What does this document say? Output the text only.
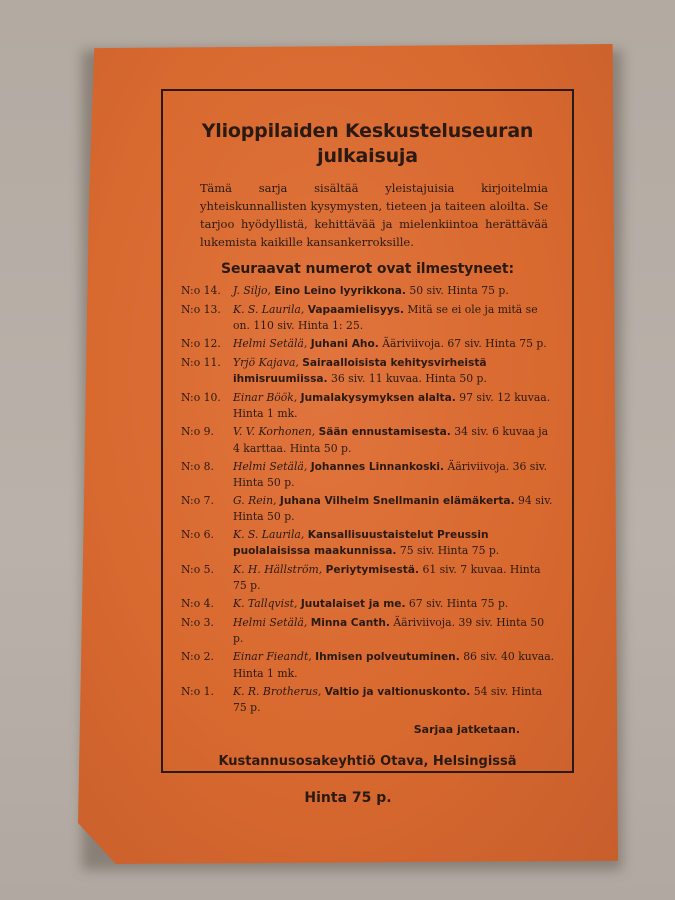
Ylioppilaiden Keskusteluseuran
julkaisuja
Tämä sarja sisältää yleistajuisia kirjoitelmia yhteiskunnallisten kysymysten, tieteen ja taiteen aloilta. Se tarjoo hyödyllistä, kehittävää ja mielenkiintoa herättävää lukemista kaikille kansankerroksille.
Seuraavat numerot ovat ilmestyneet:
N:o 14.	J. Siljo, Eino Leino lyyrikkona. 50 siv. Hinta 75 p.
N:o 13.	K. S. Laurila, Vapaamielisyys. Mitä se ei ole ja mitä se on. 110 siv. Hinta 1: 25.
N:o 12.	Helmi Setälä, Juhani Aho. Ääriviivoja. 67 siv. Hinta 75 p.
N:o 11.	Yrjö Kajava, Sairaalloisista kehitysvirheistä ihmisruumiissa. 36 siv. 11 kuvaa. Hinta 50 p.
N:o 10.	Einar Böök, Jumalakysymyksen alalta. 97 siv. 12 kuvaa. Hinta 1 mk.
N:o 9.	V. V. Korhonen, Sään ennustamisesta. 34 siv. 6 kuvaa ja 4 karttaa. Hinta 50 p.
N:o 8.	Helmi Setälä, Johannes Linnankoski. Ääriviivoja. 36 siv. Hinta 50 p.
N:o 7.	G. Rein, Juhana Vilhelm Snellmanin elämäkerta. 94 siv. Hinta 50 p.
N:o 6.	K. S. Laurila, Kansallisuustaistelut Preussin puolalaisissa maakunnissa. 75 siv. Hinta 75 p.
N:o 5.	K. H. Hällström, Periytymisestä. 61 siv. 7 kuvaa. Hinta 75 p.
N:o 4.	K. Tallqvist, Juutalaiset ja me. 67 siv. Hinta 75 p.
N:o 3.	Helmi Setälä, Minna Canth. Ääriviivoja. 39 siv. Hinta 50 p.
N:o 2.	Einar Fieandt, Ihmisen polveutuminen. 86 siv. 40 kuvaa. Hinta 1 mk.
N:o 1.	K. R. Brotherus, Valtio ja valtionuskonto. 54 siv. Hinta 75 p.
Sarjaa jatketaan.
Kustannusosakeyhtiö Otava, Helsingissä
Hinta 75 p.
